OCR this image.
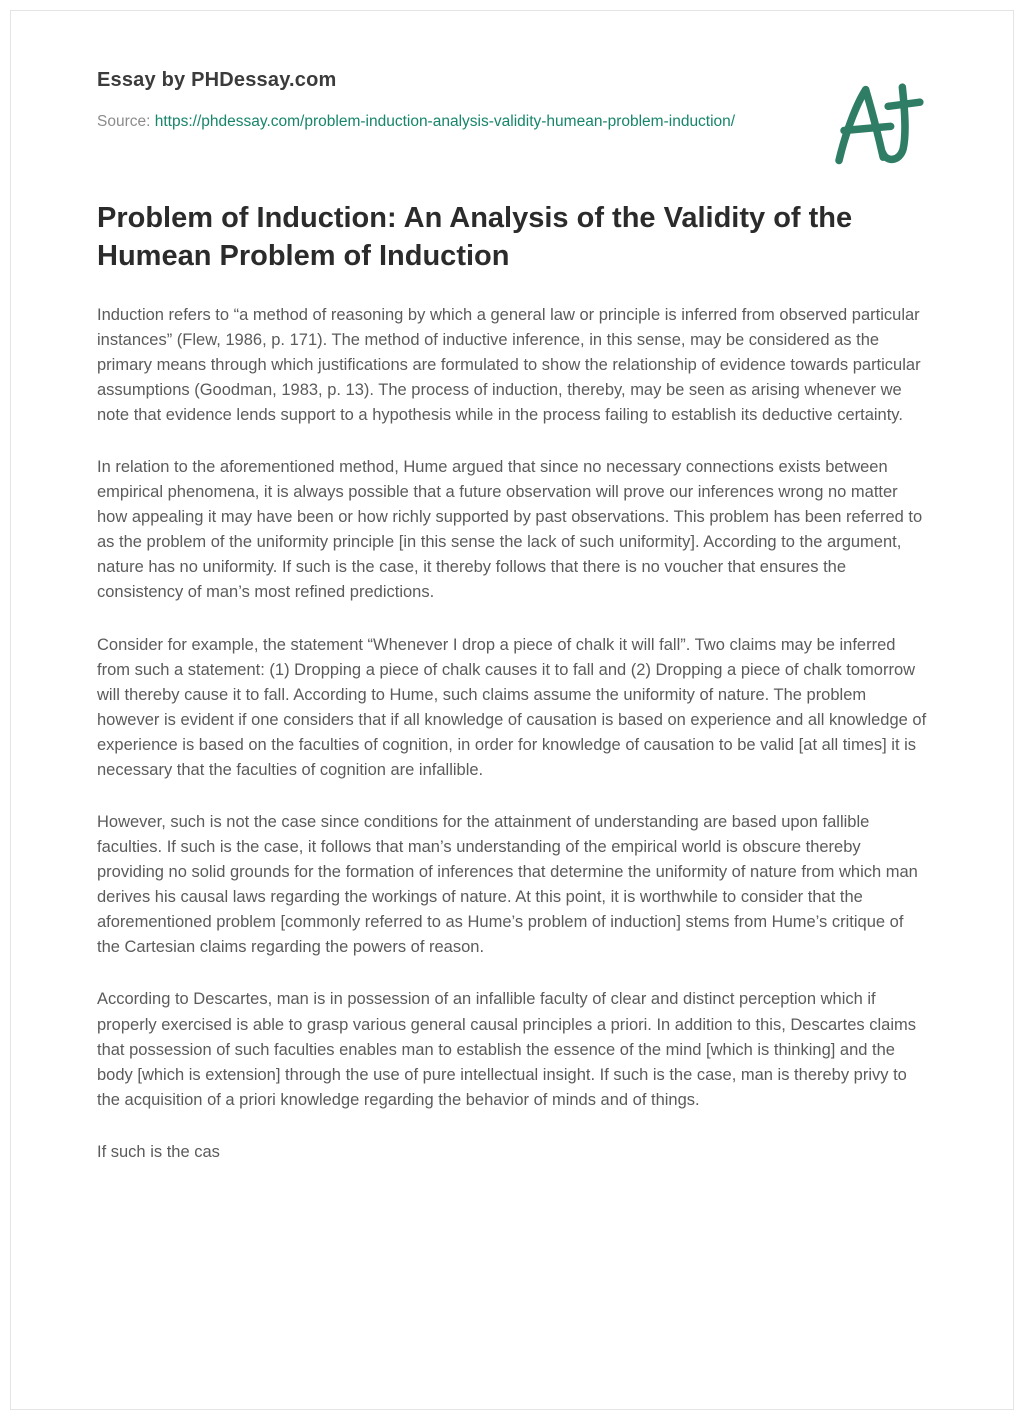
Essay by PHDessay.com

Source: https://phdessay.com/problem-induction-analysis-validity-humean-problem-induction/

Problem of Induction: An Analysis of the Validity of the Humean Problem of Induction

Induction refers to “a method of reasoning by which a general law or principle is inferred from observed particular instances” (Flew, 1986, p. 171). The method of inductive inference, in this sense, may be considered as the primary means through which justifications are formulated to show the relationship of evidence towards particular assumptions (Goodman, 1983, p. 13). The process of induction, thereby, may be seen as arising whenever we note that evidence lends support to a hypothesis while in the process failing to establish its deductive certainty.

In relation to the aforementioned method, Hume argued that since no necessary connections exists between empirical phenomena, it is always possible that a future observation will prove our inferences wrong no matter how appealing it may have been or how richly supported by past observations. This problem has been referred to as the problem of the uniformity principle [in this sense the lack of such uniformity]. According to the argument, nature has no uniformity. If such is the case, it thereby follows that there is no voucher that ensures the consistency of man’s most refined predictions.

Consider for example, the statement “Whenever I drop a piece of chalk it will fall”. Two claims may be inferred from such a statement: (1) Dropping a piece of chalk causes it to fall and (2) Dropping a piece of chalk tomorrow will thereby cause it to fall. According to Hume, such claims assume the uniformity of nature. The problem however is evident if one considers that if all knowledge of causation is based on experience and all knowledge of experience is based on the faculties of cognition, in order for knowledge of causation to be valid [at all times] it is necessary that the faculties of cognition are infallible.

However, such is not the case since conditions for the attainment of understanding are based upon fallible faculties. If such is the case, it follows that man’s understanding of the empirical world is obscure thereby providing no solid grounds for the formation of inferences that determine the uniformity of nature from which man derives his causal laws regarding the workings of nature. At this point, it is worthwhile to consider that the aforementioned problem [commonly referred to as Hume’s problem of induction] stems from Hume’s critique of the Cartesian claims regarding the powers of reason.

According to Descartes, man is in possession of an infallible faculty of clear and distinct perception which if properly exercised is able to grasp various general causal principles a priori. In addition to this, Descartes claims that possession of such faculties enables man to establish the essence of the mind [which is thinking] and the body [which is extension] through the use of pure intellectual insight. If such is the case, man is thereby privy to the acquisition of a priori knowledge regarding the behavior of minds and of things.

If such is the cas
